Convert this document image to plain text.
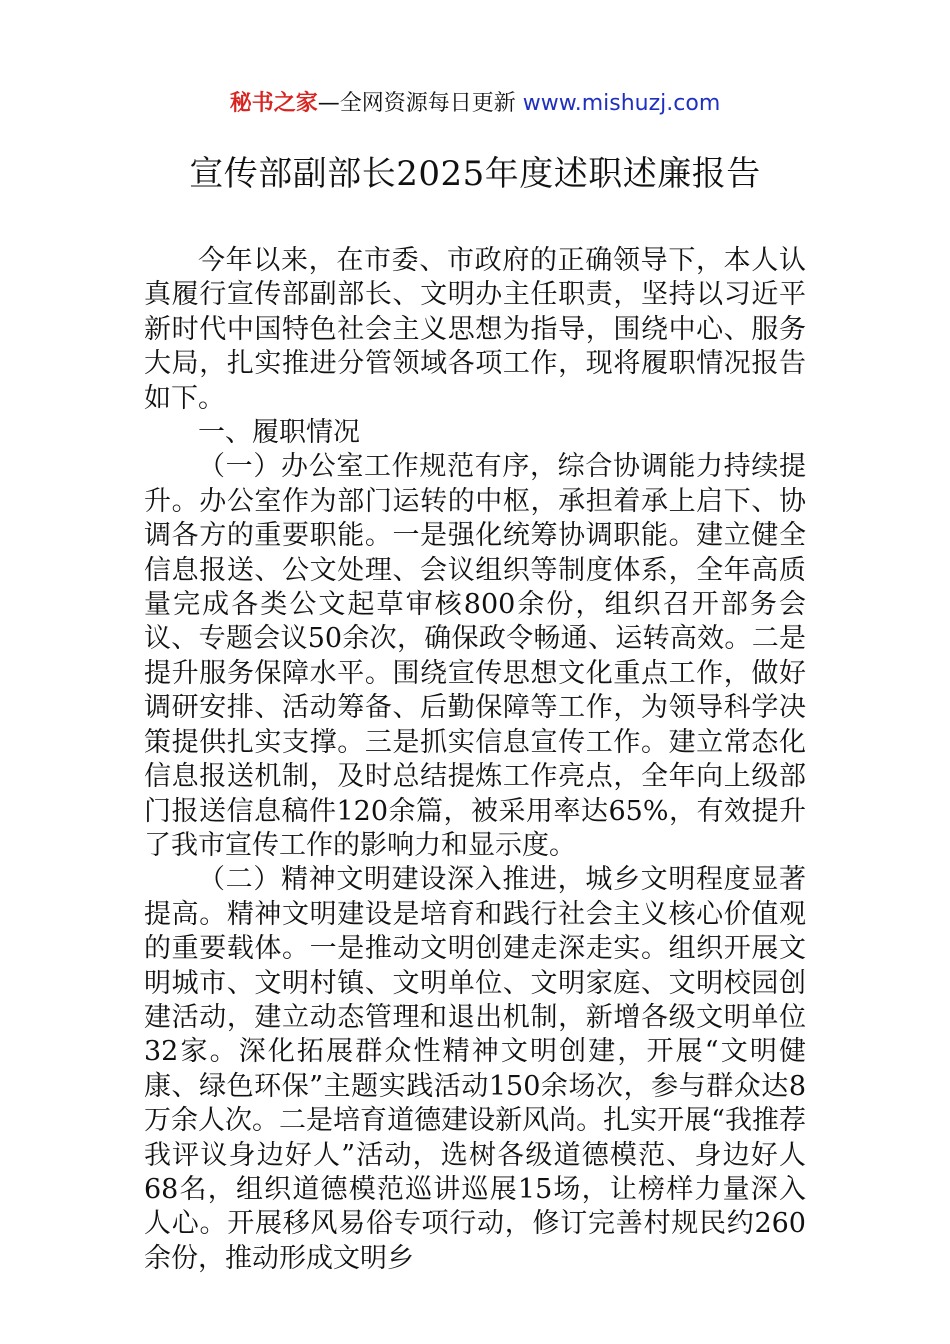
秘书之家—全网资源每日更新 www.mishuzj.com
宣传部副部长2025年度述职述廉报告

今年以来，在市委、市政府的正确领导下，本人认真履行宣传部副部长、文明办主任职责，坚持以习近平新时代中国特色社会主义思想为指导，围绕中心、服务大局，扎实推进分管领域各项工作，现将履职情况报告如下。

一、履职情况

（一）办公室工作规范有序，综合协调能力持续提升。办公室作为部门运转的中枢，承担着承上启下、协调各方的重要职能。一是强化统筹协调职能。建立健全信息报送、公文处理、会议组织等制度体系，全年高质量完成各类公文起草审核800余份，组织召开部务会议、专题会议50余次，确保政令畅通、运转高效。二是提升服务保障水平。围绕宣传思想文化重点工作，做好调研安排、活动筹备、后勤保障等工作，为领导科学决策提供扎实支撑。三是抓实信息宣传工作。建立常态化信息报送机制，及时总结提炼工作亮点，全年向上级部门报送信息稿件120余篇，被采用率达65%，有效提升了我市宣传工作的影响力和显示度。

（二）精神文明建设深入推进，城乡文明程度显著提高。精神文明建设是培育和践行社会主义核心价值观的重要载体。一是推动文明创建走深走实。组织开展文明城市、文明村镇、文明单位、文明家庭、文明校园创建活动，建立动态管理和退出机制，新增各级文明单位32家。深化拓展群众性精神文明创建，开展“文明健康、绿色环保”主题实践活动150余场次，参与群众达8万余人次。二是培育道德建设新风尚。扎实开展“我推荐我评议身边好人”活动，选树各级道德模范、身边好人68名，组织道德模范巡讲巡展15场，让榜样力量深入人心。开展移风易俗专项行动，修订完善村规民约260余份，推动形成文明乡
